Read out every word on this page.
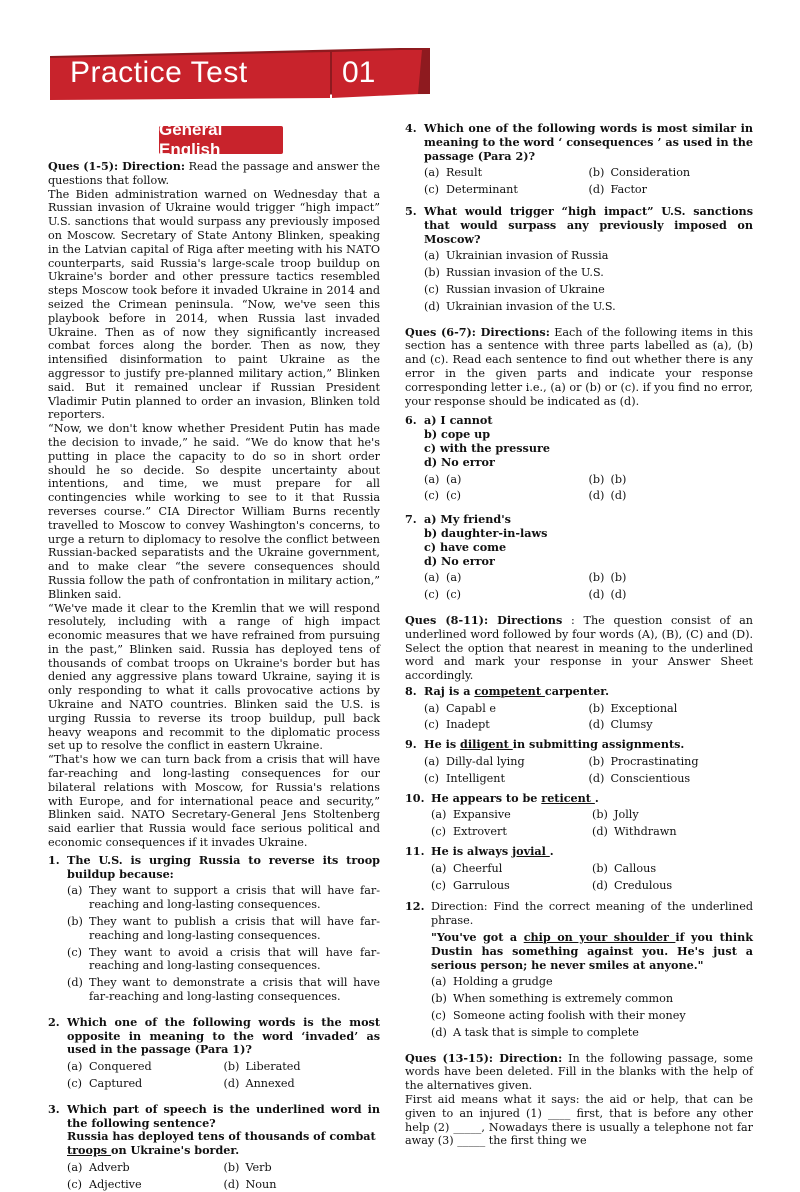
Practice Test	01
General English
Ques (1-5): Direction: Read the passage and answer the questions that follow.

The Biden administration warned on Wednesday that a Russian invasion of Ukraine would trigger “high impact” U.S. sanctions that would surpass any previously imposed on Moscow. Secretary of State Antony Blinken, speaking in the Latvian capital of Riga after meeting with his NATO counterparts, said Russia's large-scale troop buildup on Ukraine's border and other pressure tactics resembled steps Moscow took before it invaded Ukraine in 2014 and seized the Crimean peninsula. “Now, we've seen this playbook before in 2014, when Russia last invaded Ukraine. Then as of now they significantly increased combat forces along the border. Then as now, they intensified disinformation to paint Ukraine as the aggressor to justify pre-planned military action,” Blinken said. But it remained unclear if Russian President Vladimir Putin planned to order an invasion, Blinken told reporters.

“Now, we don't know whether President Putin has made the decision to invade,” he said. “We do know that he's putting in place the capacity to do so in short order should he so decide. So despite uncertainty about intentions, and time, we must prepare for all contingencies while working to see to it that Russia reverses course.” CIA Director William Burns recently travelled to Moscow to convey Washington's concerns, to urge a return to diplomacy to resolve the conflict between Russian-backed separatists and the Ukraine government, and to make clear “the severe consequences should Russia follow the path of confrontation in military action,” Blinken said.

“We've made it clear to the Kremlin that we will respond resolutely, including with a range of high impact economic measures that we have refrained from pursuing in the past,” Blinken said. Russia has deployed tens of thousands of combat troops on Ukraine's border but has denied any aggressive plans toward Ukraine, saying it is only responding to what it calls provocative actions by Ukraine and NATO countries. Blinken said the U.S. is urging Russia to reverse its troop buildup, pull back heavy weapons and recommit to the diplomatic process set up to resolve the conflict in eastern Ukraine.

“That's how we can turn back from a crisis that will have far-reaching and long-lasting consequences for our bilateral relations with Moscow, for Russia's relations with Europe, and for international peace and security,” Blinken said. NATO Secretary-General Jens Stoltenberg said earlier that Russia would face serious political and economic consequences if it invades Ukraine.

1. The U.S. is urging Russia to reverse its troop buildup because:
(a) They want to support a crisis that will have far-reaching and long-lasting consequences.
(b) They want to publish a crisis that will have far-reaching and long-lasting consequences.
(c) They want to avoid a crisis that will have far-reaching and long-lasting consequences.
(d) They want to demonstrate a crisis that will have far-reaching and long-lasting consequences.
2. Which one of the following words is the most opposite in meaning to the word ‘invaded’ as used in the passage (Para 1)?
(a) Conquered	(b) Liberated
(c) Captured	(d) Annexed
3. Which part of speech is the underlined word in the following sentence?
Russia has deployed tens of thousands of combat troops on Ukraine's border.
(a) Adverb	(b) Verb
(c) Adjective	(d) Noun
4. Which one of the following words is most similar in meaning to the word ‘ consequences ’ as used in the passage (Para 2)?
(a) Result	(b) Consideration
(c) Determinant	(d) Factor
5. What would trigger “high impact” U.S. sanctions that would surpass any previously imposed on Moscow?
(a) Ukrainian invasion of Russia
(b) Russian invasion of the U.S.
(c) Russian invasion of Ukraine
(d) Ukrainian invasion of the U.S.
Ques (6-7): Directions: Each of the following items in this section has a sentence with three parts labelled as (a), (b) and (c). Read each sentence to find out whether there is any error in the given parts and indicate your response corresponding letter i.e., (a) or (b) or (c). if you find no error, your response should be indicated as (d).
6. a) I cannot
b) cope up
c) with the pressure
d) No error
(a) (a)	(b) (b)
(c) (c)	(d) (d)
7. a) My friend's
b) daughter-in-laws
c) have come
d) No error
(a) (a)	(b) (b)
(c) (c)	(d) (d)
Ques (8-11): Directions : The question consist of an underlined word followed by four words (A), (B), (C) and (D). Select the option that nearest in meaning to the underlined word and mark your response in your Answer Sheet accordingly.
8. Raj is a competent carpenter.
(a) Capabl e	(b) Exceptional
(c) Inadept	(d) Clumsy
9. He is diligent in submitting assignments.
(a) Dilly-dal lying	(b) Procrastinating
(c) Intelligent	(d) Conscientious
10. He appears to be reticent .
(a) Expansive	(b) Jolly
(c) Extrovert	(d) Withdrawn
11. He is always jovial .
(a) Cheerful	(b) Callous
(c) Garrulous	(d) Credulous
12. Direction: Find the correct meaning of the underlined phrase.
"You've got a chip on your shoulder if you think Dustin has something against you. He's just a serious person; he never smiles at anyone."
(a) Holding a grudge
(b) When something is extremely common
(c) Someone acting foolish with their money
(d) A task that is simple to complete
Ques (13-15): Direction: In the following passage, some words have been deleted. Fill in the blanks with the help of the alternatives given.
First aid means what it says: the aid or help, that can be given to an injured (1) ____ first, that is before any other help (2) _____, Nowadays there is usually a telephone not far away (3) _____ the first thing we
